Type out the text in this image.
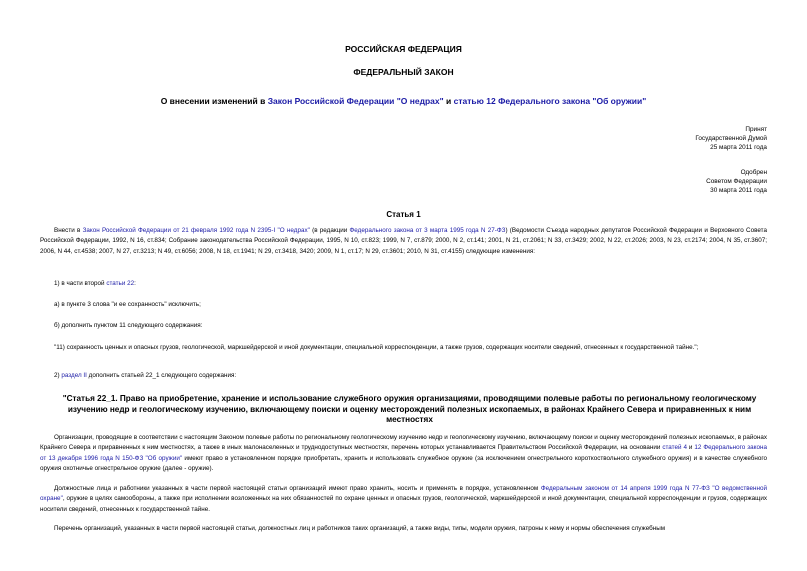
РОССИЙСКАЯ ФЕДЕРАЦИЯ
ФЕДЕРАЛЬНЫЙ ЗАКОН
О внесении изменений в Закон Российской Федерации "О недрах" и статью 12 Федерального закона "Об оружии"
Принят
Государственной Думой
25 марта 2011 года
Одобрен
Советом Федерации
30 марта 2011 года
Статья 1
Внести в Закон Российской Федерации от 21 февраля 1992 года N 2395-I "О недрах" (в редакции Федерального закона от 3 марта 1995 года N 27-ФЗ) (Ведомости Съезда народных депутатов Российской Федерации и Верховного Совета Российской Федерации, 1992, N 16, ст.834; Собрание законодательства Российской Федерации, 1995, N 10, ст.823; 1999, N 7, ст.879; 2000, N 2, ст.141; 2001, N 21, ст.2061; N 33, ст.3429; 2002, N 22, ст.2026; 2003, N 23, ст.2174; 2004, N 35, ст.3607; 2006, N 44, ст.4538; 2007, N 27, ст.3213; N 49, ст.6056; 2008, N 18, ст.1941; N 29, ст.3418, 3420; 2009, N 1, ст.17; N 29, ст.3601; 2010, N 31, ст.4155) следующие изменения:
1) в части второй статьи 22:
а) в пункте 3 слова "и ее сохранность" исключить;
б) дополнить пунктом 11 следующего содержания:
"11) сохранность ценных и опасных грузов, геологической, маркшейдерской и иной документации, специальной корреспонденции, а также грузов, содержащих носители сведений, отнесенных к государственной тайне.";
2) раздел II дополнить статьей 22_1 следующего содержания:
"Статья 22_1. Право на приобретение, хранение и использование служебного оружия организациями, проводящими полевые работы по региональному геологическому изучению недр и геологическому изучению, включающему поиски и оценку месторождений полезных ископаемых, в районах Крайнего Севера и приравненных к ним местностях
Организации, проводящие в соответствии с настоящим Законом полевые работы по региональному геологическому изучению недр и геологическому изучению, включающему поиски и оценку месторождений полезных ископаемых, в районах Крайнего Севера и приравненных к ним местностях, а также в иных малонаселенных и труднодоступных местностях, перечень которых устанавливается Правительством Российской Федерации, на основании статей 4 и 12 Федерального закона от 13 декабря 1996 года N 150-ФЗ "Об оружии" имеют право в установленном порядке приобретать, хранить и использовать служебное оружие (за исключением огнестрельного короткоствольного служебного оружия) и в качестве служебного оружия охотничье огнестрельное оружие (далее - оружие).
Должностные лица и работники указанных в части первой настоящей статьи организаций имеют право хранить, носить и применять в порядке, установленном Федеральным законом от 14 апреля 1999 года N 77-ФЗ "О ведомственной охране", оружие в целях самообороны, а также при исполнении возложенных на них обязанностей по охране ценных и опасных грузов, геологической, маркшейдерской и иной документации, специальной корреспонденции и грузов, содержащих носители сведений, отнесенных к государственной тайне.
Перечень организаций, указанных в части первой настоящей статьи, должностных лиц и работников таких организаций, а также виды, типы, модели оружия, патроны к нему и нормы обеспечения служебным
